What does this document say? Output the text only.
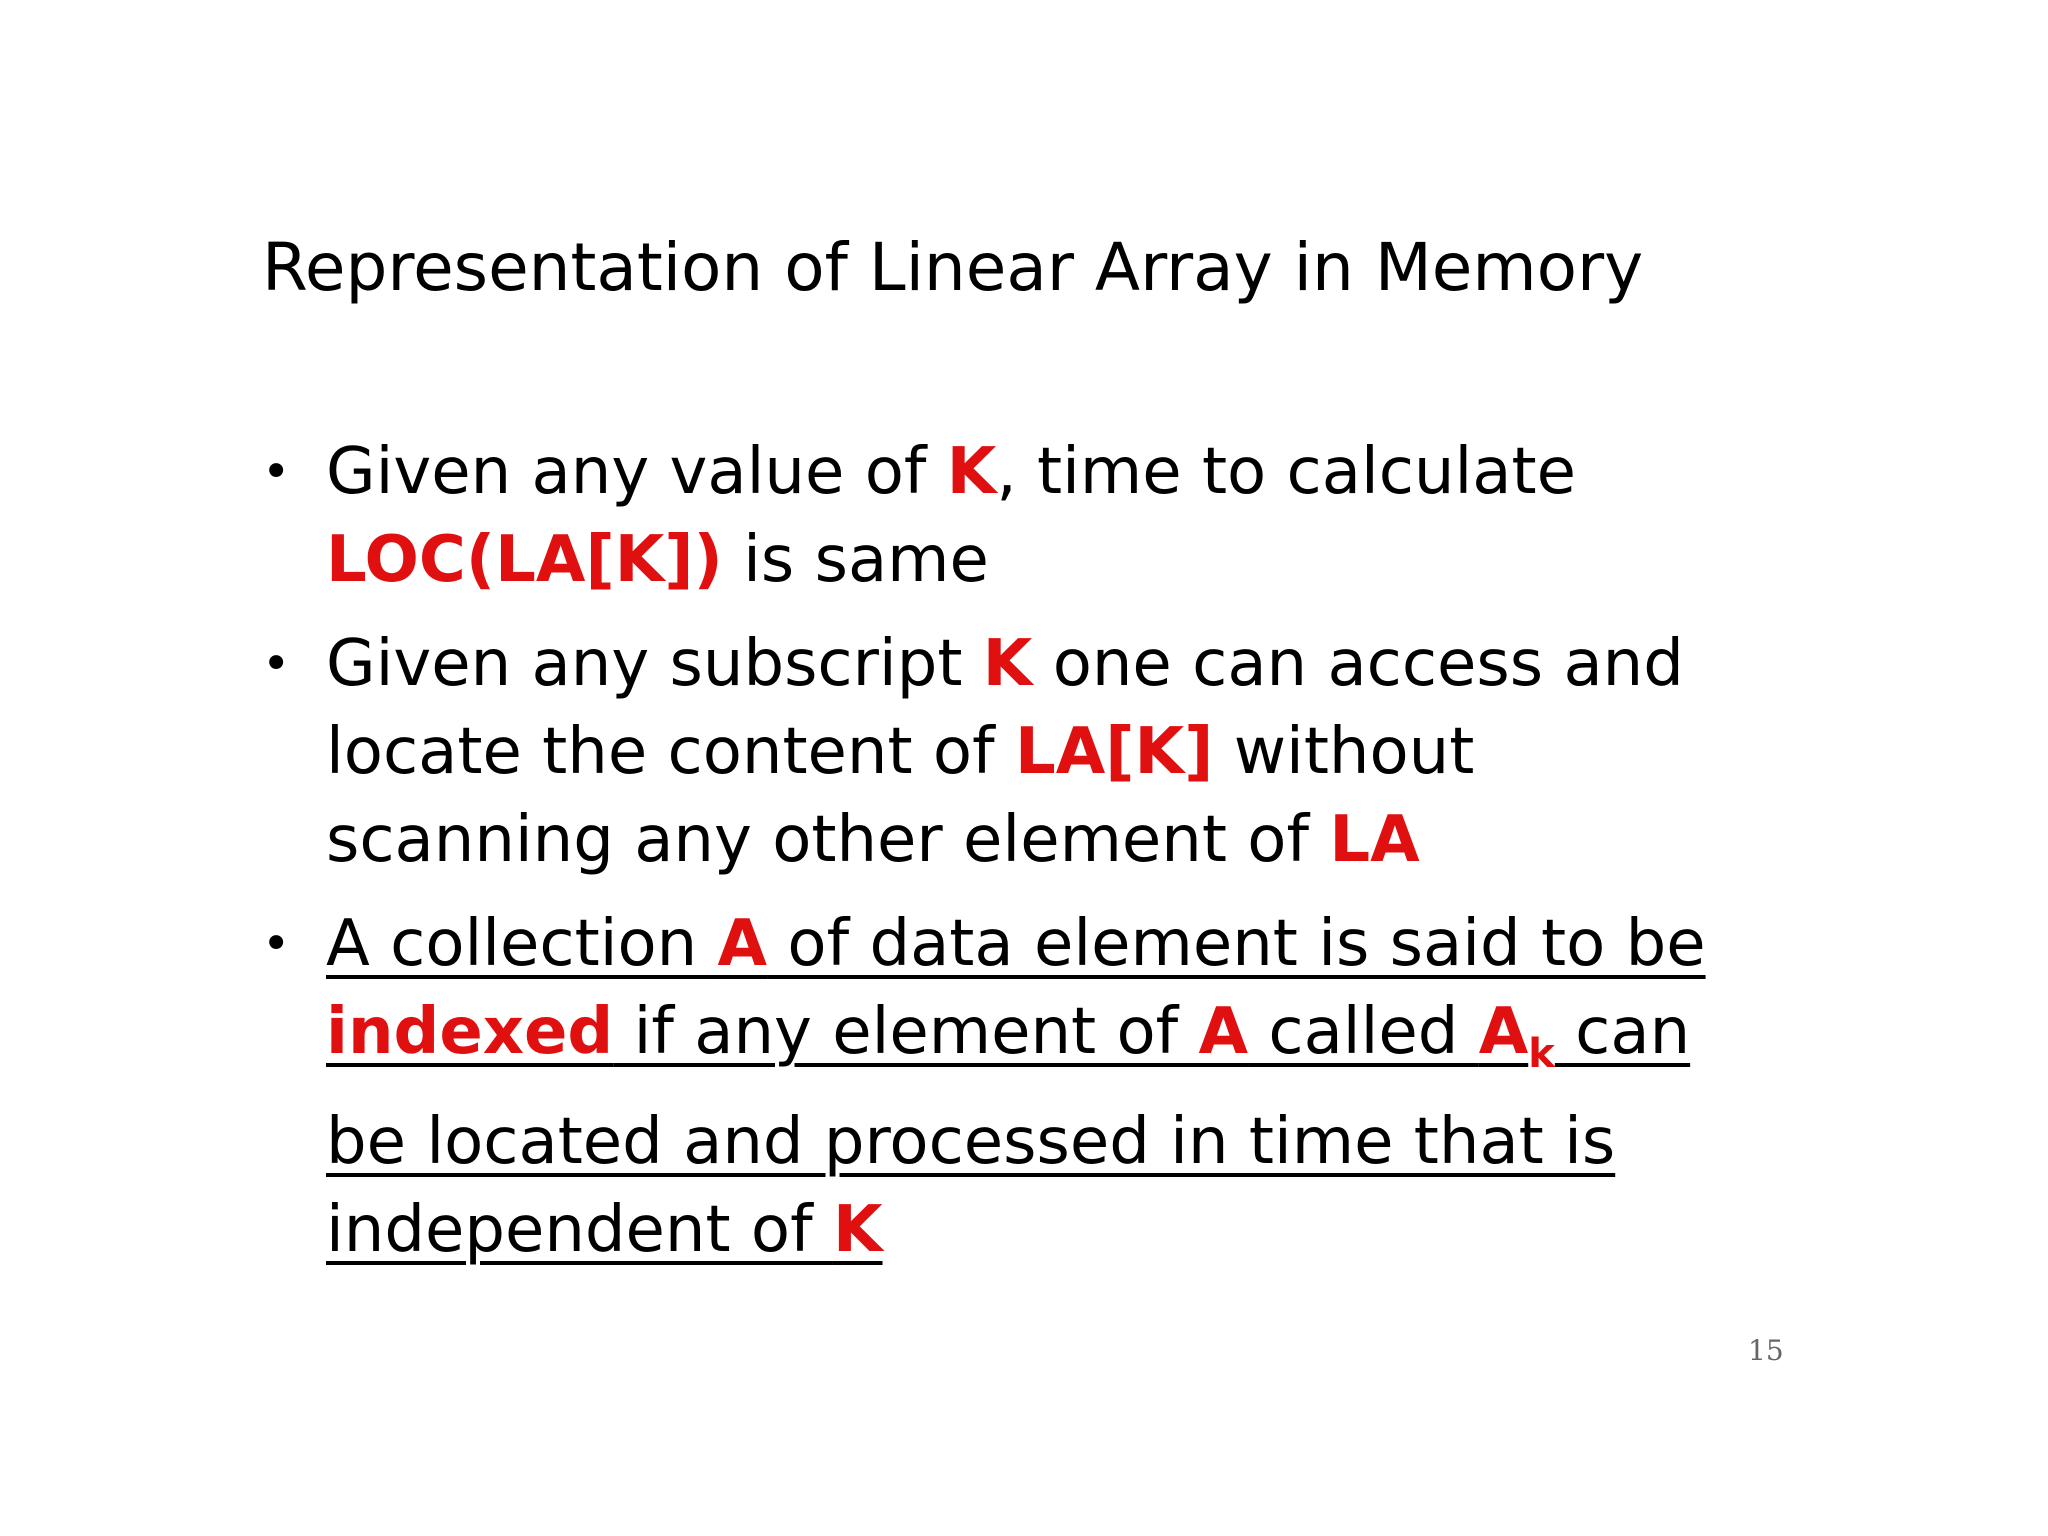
Representation of Linear Array in Memory
• Given any value of K, time to calculate
LOC(LA[K]) is same
• Given any subscript K one can access and
locate the content of LA[K] without
scanning any other element of LA
• A collection A of data element is said to be
indexed if any element of A called $A_k$ can
be located and processed in time that is
independent of K
15
